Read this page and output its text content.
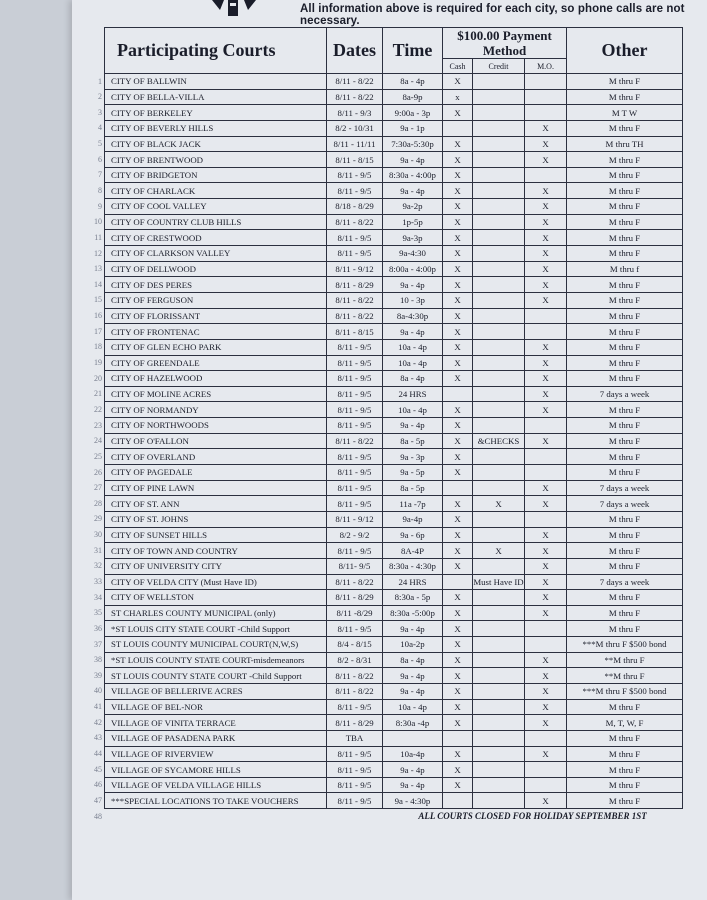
All information above is required for each city, so phone calls are not necessary.
1
2
3
4
5
6
7
8
9
10
11
12
13
14
15
16
17
18
19
20
21
22
23
24
25
26
27
28
29
30
31
32
33
34
35
36
37
38
39
40
41
42
43
44
45
46
47
48
Participating Courts	Dates	Time	$100.00 Payment
Method			Other
			Cash	Credit	M.O.	
CITY OF BALLWIN	8/11 - 8/22	8a - 4p	X			M thru F
CITY OF BELLA-VILLA	8/11 - 8/22	8a-9p	x			M thru F
CITY OF BERKELEY	8/11 - 9/3	9:00a - 3p	X			M T W
CITY OF BEVERLY HILLS	8/2 - 10/31	9a - 1p			X	M thru F
CITY OF BLACK JACK	8/11 - 11/11	7:30a-5:30p	X		X	M thru TH
CITY OF BRENTWOOD	8/11 - 8/15	9a - 4p	X		X	M thru F
CITY OF BRIDGETON	8/11 - 9/5	8:30a - 4:00p	X			M thru F
CITY OF CHARLACK	8/11 - 9/5	9a - 4p	X		X	M thru F
CITY OF COOL VALLEY	8/18 - 8/29	9a-2p	X		X	M thru F
CITY OF COUNTRY CLUB HILLS	8/11 - 8/22	1p-5p	X		X	M thru F
CITY OF CRESTWOOD	8/11 - 9/5	9a-3p	X		X	M thru F
CITY OF CLARKSON VALLEY	8/11 - 9/5	9a-4:30	X		X	M thru F
CITY OF DELLWOOD	8/11 - 9/12	8:00a - 4:00p	X		X	M thru f
CITY OF DES PERES	8/11 - 8/29	9a - 4p	X		X	M thru F
CITY OF FERGUSON	8/11 - 8/22	10 - 3p	X		X	M thru F
CITY OF FLORISSANT	8/11 - 8/22	8a-4:30p	X			M thru F
CITY OF FRONTENAC	8/11 - 8/15	9a - 4p	X			M thru F
CITY OF GLEN ECHO PARK	8/11 - 9/5	10a - 4p	X		X	M thru F
CITY OF GREENDALE	8/11 - 9/5	10a - 4p	X		X	M thru F
CITY OF HAZELWOOD	8/11 - 9/5	8a - 4p	X		X	M thru F
CITY OF MOLINE ACRES	8/11 - 9/5	24 HRS			X	7 days a week
CITY OF NORMANDY	8/11 - 9/5	10a - 4p	X		X	M thru F
CITY OF NORTHWOODS	8/11 - 9/5	9a - 4p	X			M thru F
CITY OF O'FALLON	8/11 - 8/22	8a - 5p	X	&CHECKS	X	M thru F
CITY OF OVERLAND	8/11 - 9/5	9a - 3p	X			M thru F
CITY OF PAGEDALE	8/11 - 9/5	9a - 5p	X			M thru F
CITY OF PINE LAWN	8/11 - 9/5	8a - 5p			X	7 days a week
CITY OF ST. ANN	8/11 - 9/5	11a -7p	X	X	X	7 days a week
CITY OF ST. JOHNS	8/11 - 9/12	9a-4p	X			M thru F
CITY OF SUNSET HILLS	8/2 - 9/2	9a - 6p	X		X	M thru F
CITY OF TOWN AND COUNTRY	8/11 - 9/5	8A-4P	X	X	X	M thru F
CITY OF UNIVERSITY CITY	8/11- 9/5	8:30a - 4:30p	X		X	M thru F
CITY OF VELDA CITY (Must Have ID)	8/11 - 8/22	24 HRS		Must Have ID	X	7 days a week
CITY OF WELLSTON	8/11 - 8/29	8:30a - 5p	X		X	M thru F
ST CHARLES COUNTY MUNICIPAL (only)	8/11 -8/29	8:30a -5:00p	X		X	M thru F
*ST LOUIS CITY STATE COURT -Child Support	8/11 - 9/5	9a - 4p	X			M thru F
ST LOUIS COUNTY MUNICIPAL COURT(N,W,S)	8/4 - 8/15	10a-2p	X			***M thru F $500 bond
*ST LOUIS COUNTY STATE COURT-misdemeanors	8/2 - 8/31	8a - 4p	X		X	**M thru F
ST LOUIS COUNTY STATE COURT -Child Support	8/11 - 8/22	9a - 4p	X		X	**M thru F
VILLAGE OF BELLERIVE ACRES	8/11 - 8/22	9a - 4p	X		X	***M thru F $500 bond
VILLAGE OF BEL-NOR	8/11 - 9/5	10a - 4p	X		X	M thru F
VILLAGE OF VINITA TERRACE	8/11 - 8/29	8:30a -4p	X		X	M, T, W, F
VILLAGE OF PASADENA PARK	TBA					M thru F
VILLAGE OF RIVERVIEW	8/11 - 9/5	10a-4p	X		X	M thru F
VILLAGE OF SYCAMORE HILLS	8/11 - 9/5	9a - 4p	X			M thru F
VILLAGE OF VELDA VILLAGE HILLS	8/11 - 9/5	9a - 4p	X			M thru F
***SPECIAL LOCATIONS TO TAKE VOUCHERS	8/11 - 9/5	9a - 4:30p			X	M thru F
		ALL COURTS CLOSED FOR HOLIDAY SEPTEMBER 1ST				
